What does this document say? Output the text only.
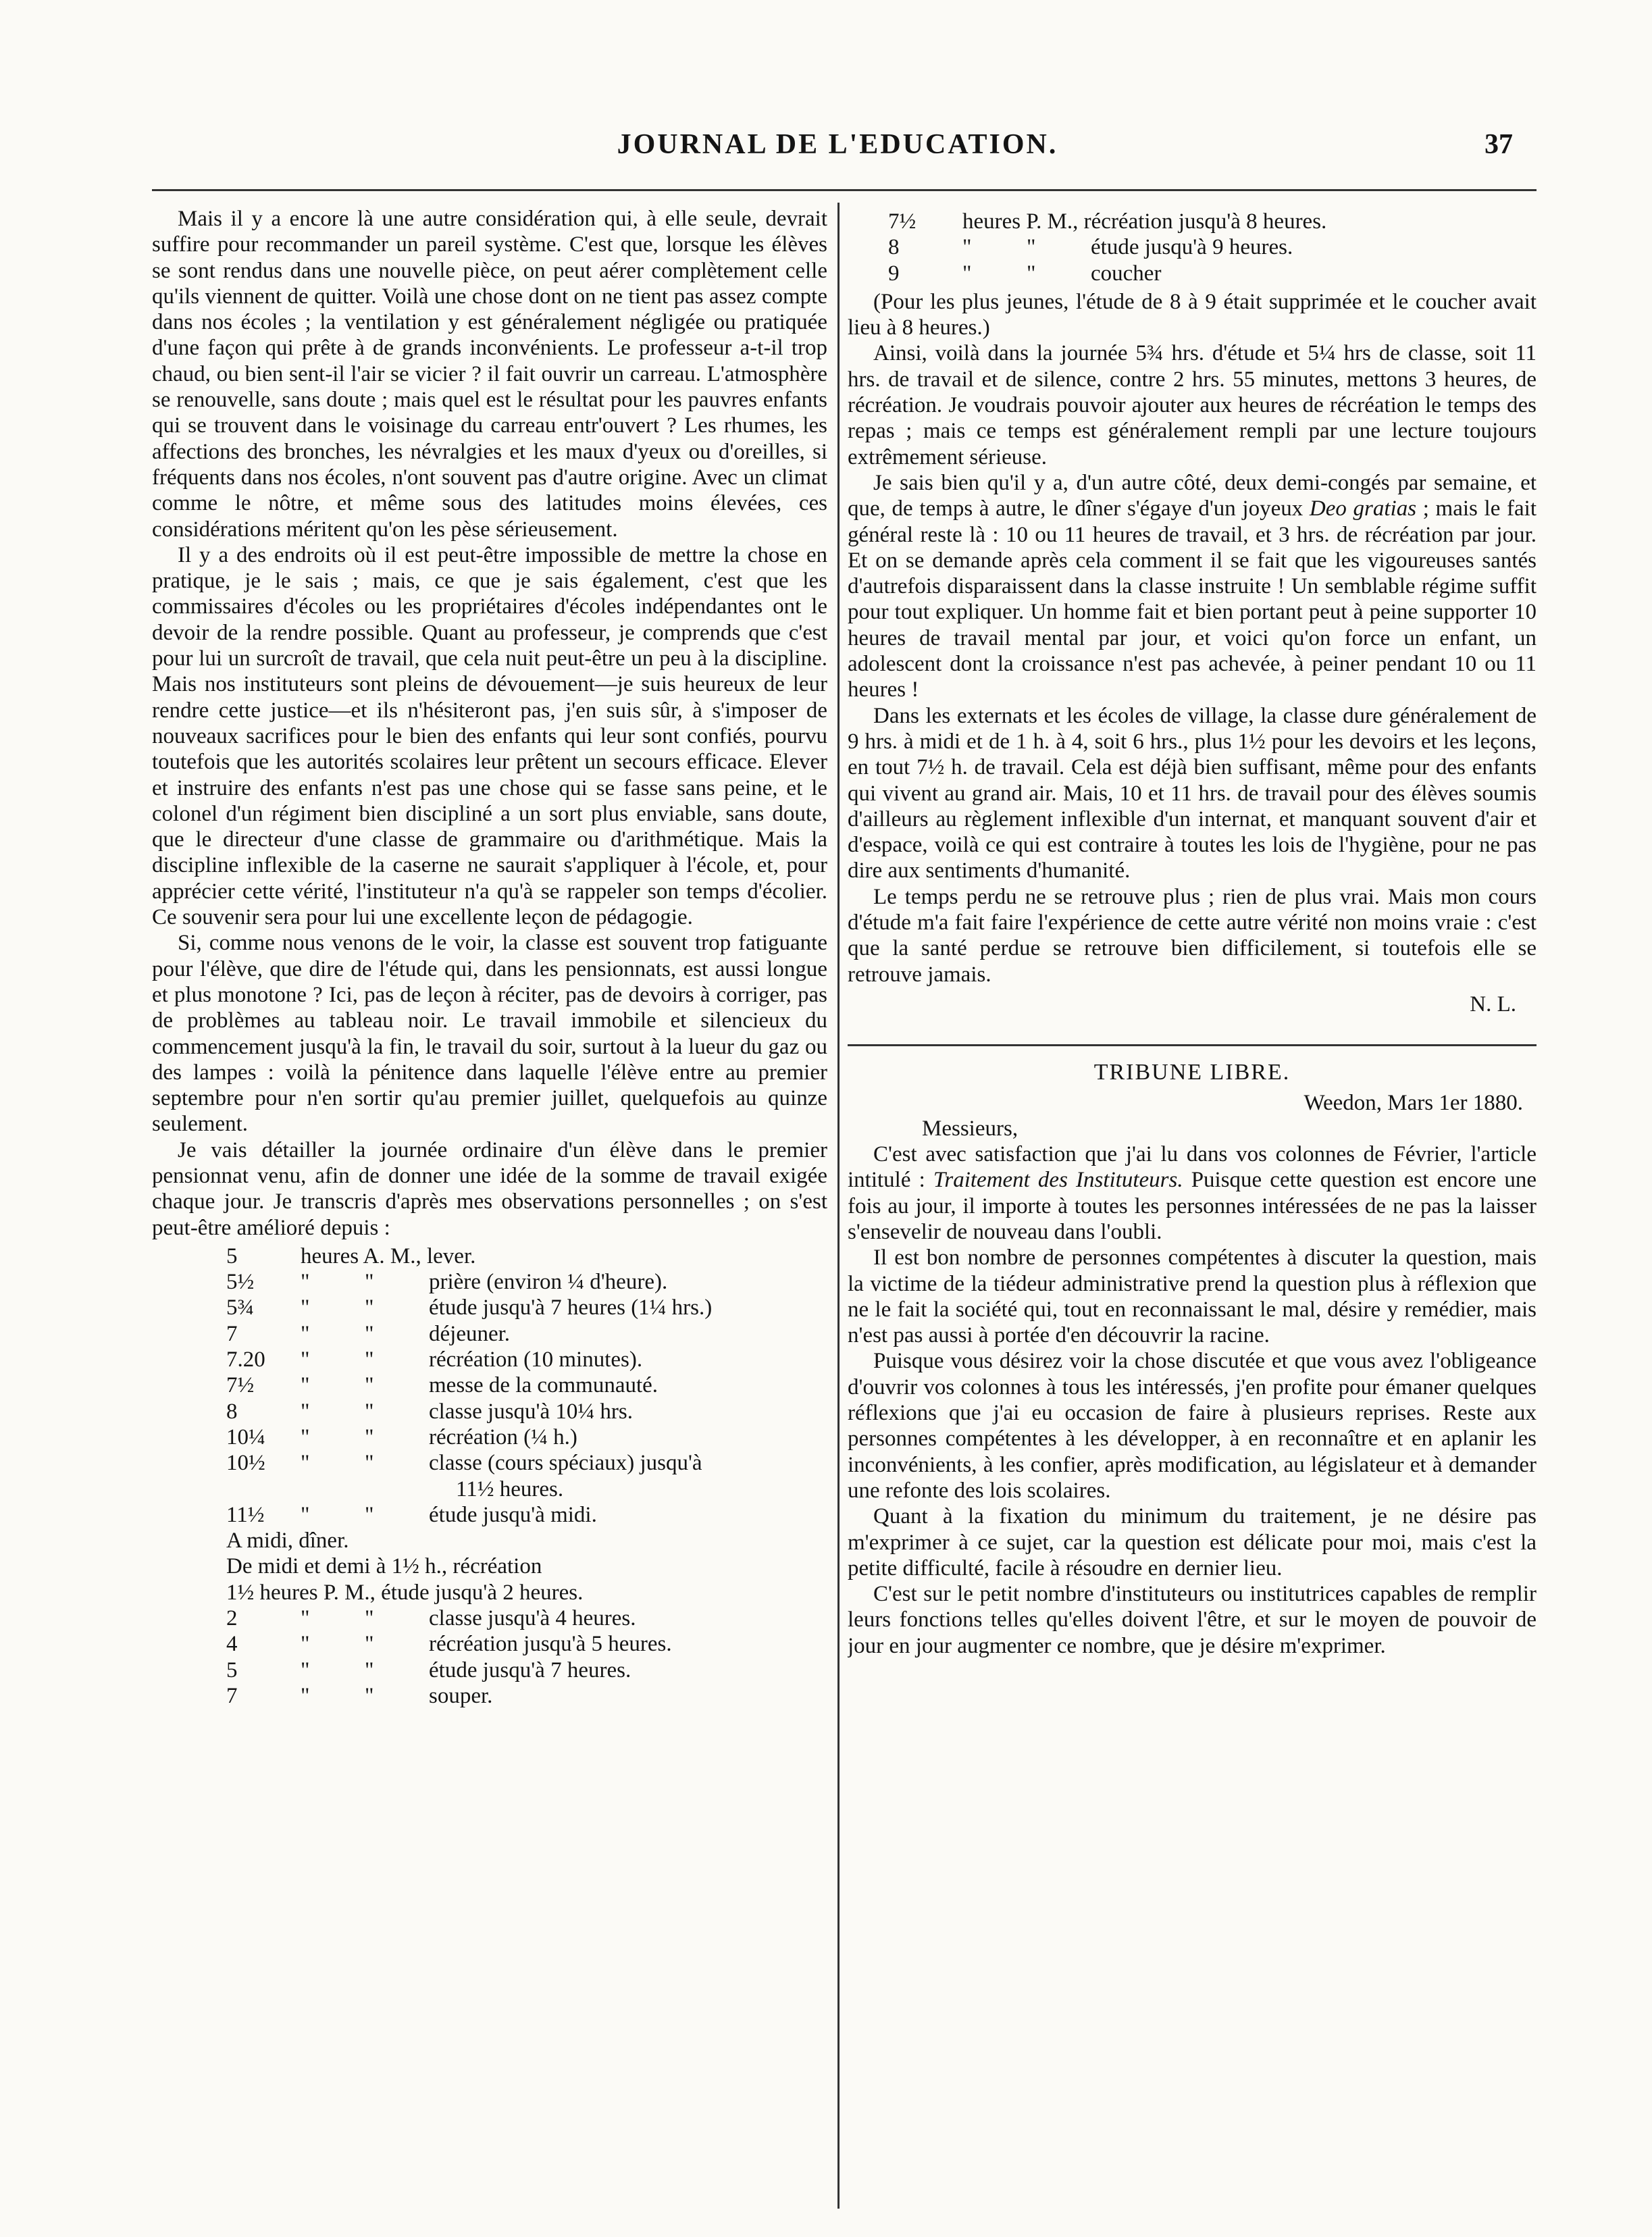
JOURNAL DE L'EDUCATION.	37

Mais il y a encore là une autre considération qui, à elle seule, devrait suffire pour recommander un pareil système. C'est que, lorsque les élèves se sont rendus dans une nouvelle pièce, on peut aérer complètement celle qu'ils viennent de quitter. Voilà une chose dont on ne tient pas assez compte dans nos écoles ; la ventilation y est généralement négligée ou pratiquée d'une façon qui prête à de grands inconvénients. Le professeur a-t-il trop chaud, ou bien sent-il l'air se vicier ? il fait ouvrir un carreau. L'atmosphère se renouvelle, sans doute ; mais quel est le résultat pour les pauvres enfants qui se trouvent dans le voisinage du carreau entr'ouvert ? Les rhumes, les affections des bronches, les névralgies et les maux d'yeux ou d'oreilles, si fréquents dans nos écoles, n'ont souvent pas d'autre origine. Avec un climat comme le nôtre, et même sous des latitudes moins élevées, ces considérations méritent qu'on les pèse sérieusement.

Il y a des endroits où il est peut-être impossible de mettre la chose en pratique, je le sais ; mais, ce que je sais également, c'est que les commissaires d'écoles ou les propriétaires d'écoles indépendantes ont le devoir de la rendre possible. Quant au professeur, je comprends que c'est pour lui un surcroît de travail, que cela nuit peut-être un peu à la discipline. Mais nos instituteurs sont pleins de dévouement—je suis heureux de leur rendre cette justice—et ils n'hésiteront pas, j'en suis sûr, à s'imposer de nouveaux sacrifices pour le bien des enfants qui leur sont confiés, pourvu toutefois que les autorités scolaires leur prêtent un secours efficace. Elever et instruire des enfants n'est pas une chose qui se fasse sans peine, et le colonel d'un régiment bien discipliné a un sort plus enviable, sans doute, que le directeur d'une classe de grammaire ou d'arithmétique. Mais la discipline inflexible de la caserne ne saurait s'appliquer à l'école, et, pour apprécier cette vérité, l'instituteur n'a qu'à se rappeler son temps d'écolier. Ce souvenir sera pour lui une excellente leçon de pédagogie.

Si, comme nous venons de le voir, la classe est souvent trop fatiguante pour l'élève, que dire de l'étude qui, dans les pensionnats, est aussi longue et plus monotone ? Ici, pas de leçon à réciter, pas de devoirs à corriger, pas de problèmes au tableau noir. Le travail immobile et silencieux du commencement jusqu'à la fin, le travail du soir, surtout à la lueur du gaz ou des lampes : voilà la pénitence dans laquelle l'élève entre au premier septembre pour n'en sortir qu'au premier juillet, quelquefois au quinze seulement.

Je vais détailler la journée ordinaire d'un élève dans le premier pensionnat venu, afin de donner une idée de la somme de travail exigée chaque jour. Je transcris d'après mes observations personnelles ; on s'est peut-être amélioré depuis :

5	heures A. M., lever.
5½	"	"	prière (environ ¼ d'heure).
5¾	"	"	étude jusqu'à 7 heures (1¼ hrs.)
7	"	"	déjeuner.
7.20	"	"	récréation (10 minutes).
7½	"	"	messe de la communauté.
8	"	"	classe jusqu'à 10¼ hrs.
10¼	"	"	récréation (¼ h.)
10½	"	"	classe (cours spéciaux) jusqu'à
11½ heures.
11½	"	"	étude jusqu'à midi.
A midi, dîner.
De midi et demi à 1½ h., récréation
1½ heures P. M., étude jusqu'à 2 heures.
2	"	"	classe jusqu'à 4 heures.
4	"	"	récréation jusqu'à 5 heures.
5	"	"	étude jusqu'à 7 heures.
7	"	"	souper.
7½	heures P. M., récréation jusqu'à 8 heures.
8	"	"	étude jusqu'à 9 heures.
9	"	"	coucher

(Pour les plus jeunes, l'étude de 8 à 9 était supprimée et le coucher avait lieu à 8 heures.)

Ainsi, voilà dans la journée 5¾ hrs. d'étude et 5¼ hrs de classe, soit 11 hrs. de travail et de silence, contre 2 hrs. 55 minutes, mettons 3 heures, de récréation. Je voudrais pouvoir ajouter aux heures de récréation le temps des repas ; mais ce temps est généralement rempli par une lecture toujours extrêmement sérieuse.

Je sais bien qu'il y a, d'un autre côté, deux demi-congés par semaine, et que, de temps à autre, le dîner s'égaye d'un joyeux Deo gratias ; mais le fait général reste là : 10 ou 11 heures de travail, et 3 hrs. de récréation par jour. Et on se demande après cela comment il se fait que les vigoureuses santés d'autrefois disparaissent dans la classe instruite ! Un semblable régime suffit pour tout expliquer. Un homme fait et bien portant peut à peine supporter 10 heures de travail mental par jour, et voici qu'on force un enfant, un adolescent dont la croissance n'est pas achevée, à peiner pendant 10 ou 11 heures !

Dans les externats et les écoles de village, la classe dure généralement de 9 hrs. à midi et de 1 h. à 4, soit 6 hrs., plus 1½ pour les devoirs et les leçons, en tout 7½ h. de travail. Cela est déjà bien suffisant, même pour des enfants qui vivent au grand air. Mais, 10 et 11 hrs. de travail pour des élèves soumis d'ailleurs au règlement inflexible d'un internat, et manquant souvent d'air et d'espace, voilà ce qui est contraire à toutes les lois de l'hygiène, pour ne pas dire aux sentiments d'humanité.

Le temps perdu ne se retrouve plus ; rien de plus vrai. Mais mon cours d'étude m'a fait faire l'expérience de cette autre vérité non moins vraie : c'est que la santé perdue se retrouve bien difficilement, si toutefois elle se retrouve jamais.

N. L.
TRIBUNE LIBRE.
Weedon, Mars 1er 1880.
Messieurs,

C'est avec satisfaction que j'ai lu dans vos colonnes de Février, l'article intitulé : Traitement des Instituteurs. Puisque cette question est encore une fois au jour, il importe à toutes les personnes intéressées de ne pas la laisser s'ensevelir de nouveau dans l'oubli.

Il est bon nombre de personnes compétentes à discuter la question, mais la victime de la tiédeur administrative prend la question plus à réflexion que ne le fait la société qui, tout en reconnaissant le mal, désire y remédier, mais n'est pas aussi à portée d'en découvrir la racine.

Puisque vous désirez voir la chose discutée et que vous avez l'obligeance d'ouvrir vos colonnes à tous les intéressés, j'en profite pour émaner quelques réflexions que j'ai eu occasion de faire à plusieurs reprises. Reste aux personnes compétentes à les développer, à en reconnaître et en aplanir les inconvénients, à les confier, après modification, au législateur et à demander une refonte des lois scolaires.

Quant à la fixation du minimum du traitement, je ne désire pas m'exprimer à ce sujet, car la question est délicate pour moi, mais c'est la petite difficulté, facile à résoudre en dernier lieu.

C'est sur le petit nombre d'instituteurs ou institutrices capables de remplir leurs fonctions telles qu'elles doivent l'être, et sur le moyen de pouvoir de jour en jour augmenter ce nombre, que je désire m'exprimer.
